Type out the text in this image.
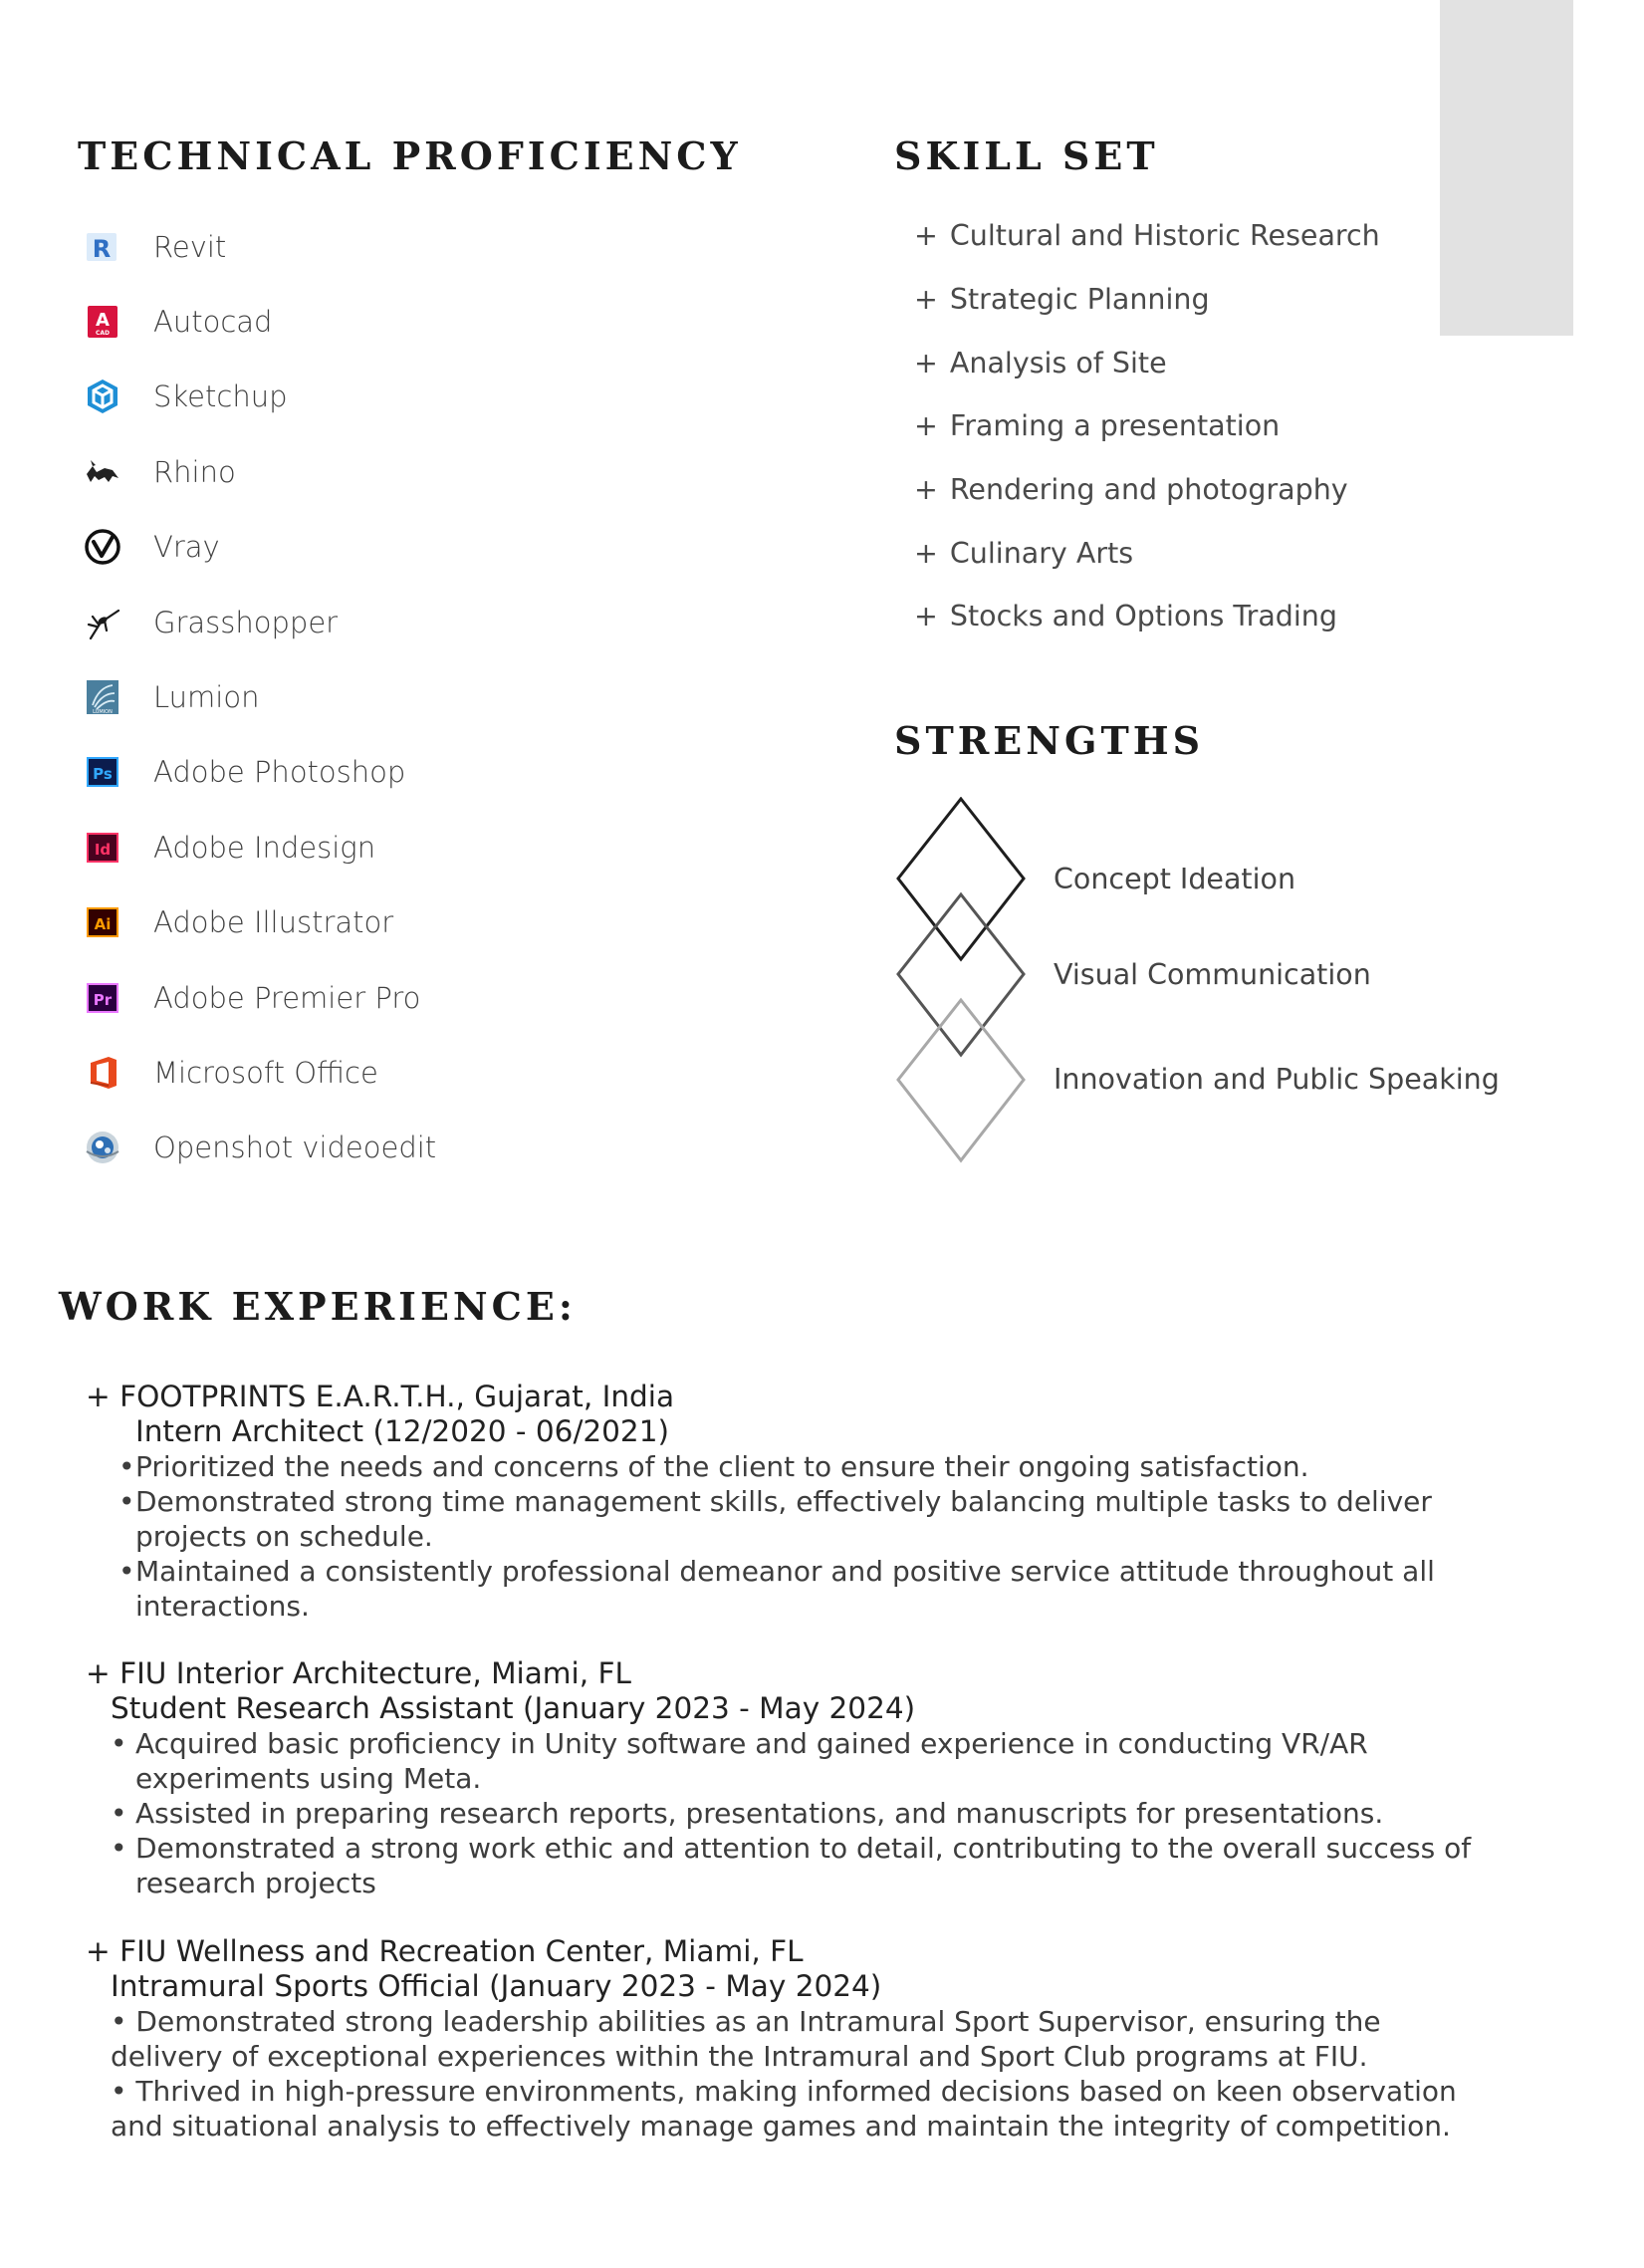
TECHNICAL PROFICIENCY
R Revit
A
CAD Autocad
Sketchup
Rhino
Vray
Grasshopper
LUMION Lumion
Ps Adobe Photoshop
Id Adobe Indesign
Ai Adobe Illustrator
Pr Adobe Premier Pro
Microsoft Office
Openshot videoedit
SKILL SET
+ Cultural and Historic Research
+ Strategic Planning
+ Analysis of Site
+ Framing a presentation
+ Rendering and photography
+ Culinary Arts
+ Stocks and Options Trading
STRENGTHS
Concept Ideation
Visual Communication
Innovation and Public Speaking
WORK EXPERIENCE:
+ FOOTPRINTS E.A.R.T.H., Gujarat, India
Intern Architect (12/2020 - 06/2021)
• Prioritized the needs and concerns of the client to ensure their ongoing satisfaction.
• Demonstrated strong time management skills, effectively balancing multiple tasks to deliver projects on schedule.
• Maintained a consistently professional demeanor and positive service attitude throughout all interactions.
+ FIU Interior Architecture, Miami, FL
Student Research Assistant (January 2023 - May 2024)
• Acquired basic proficiency in Unity software and gained experience in conducting VR/AR experiments using Meta.
• Assisted in preparing research reports, presentations, and manuscripts for presentations.
• Demonstrated a strong work ethic and attention to detail, contributing to the overall success of research projects
+ FIU Wellness and Recreation Center, Miami, FL
Intramural Sports Official (January 2023 - May 2024)
• Demonstrated strong leadership abilities as an Intramural Sport Supervisor, ensuring the delivery of exceptional experiences within the Intramural and Sport Club programs at FIU.
• Thrived in high-pressure environments, making informed decisions based on keen observation and situational analysis to effectively manage games and maintain the integrity of competition.
